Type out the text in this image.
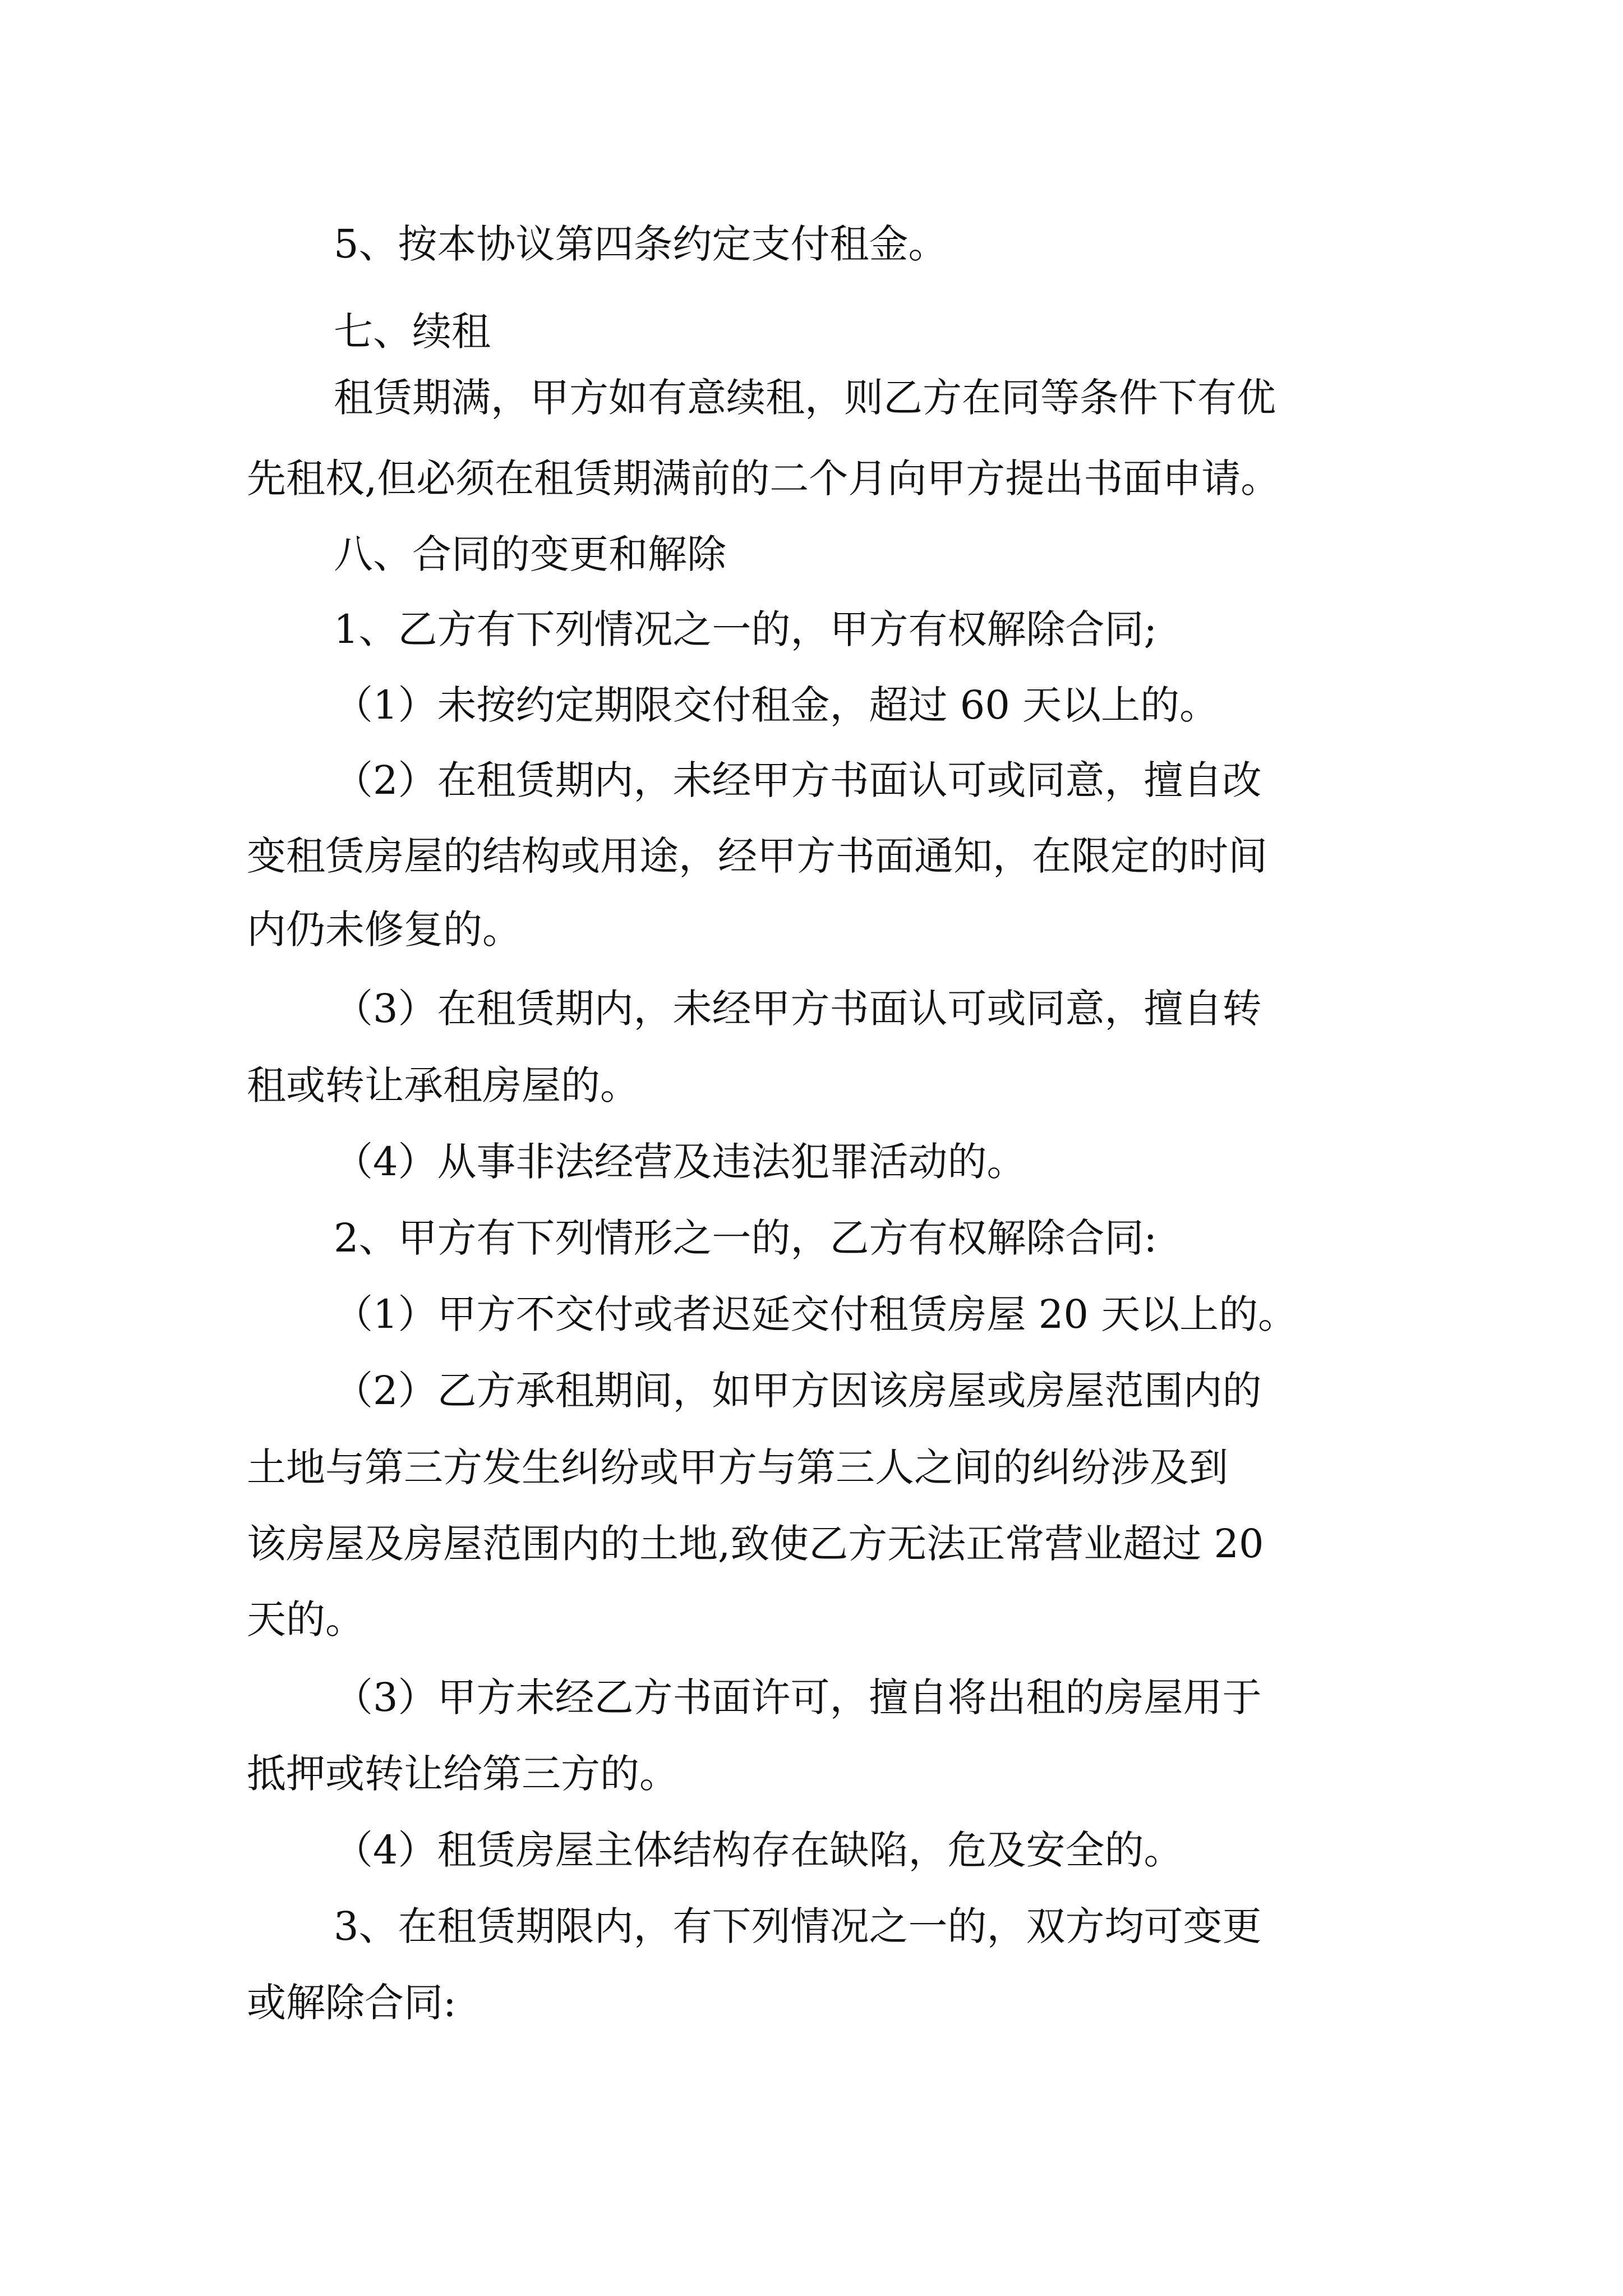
5、按本协议第四条约定支付租金。
七、续租
租赁期满，甲方如有意续租，则乙方在同等条件下有优
先租权,但必须在租赁期满前的二个月向甲方提出书面申请。
八、合同的变更和解除
1、乙方有下列情况之一的，甲方有权解除合同;
（1）未按约定期限交付租金，超过 60 天以上的。
（2）在租赁期内，未经甲方书面认可或同意，擅自改
变租赁房屋的结构或用途，经甲方书面通知，在限定的时间
内仍未修复的。
（3）在租赁期内，未经甲方书面认可或同意，擅自转
租或转让承租房屋的。
（4）从事非法经营及违法犯罪活动的。
2、甲方有下列情形之一的，乙方有权解除合同:
（1）甲方不交付或者迟延交付租赁房屋 20 天以上的。
（2）乙方承租期间，如甲方因该房屋或房屋范围内的
土地与第三方发生纠纷或甲方与第三人之间的纠纷涉及到
该房屋及房屋范围内的土地,致使乙方无法正常营业超过 20
天的。
（3）甲方未经乙方书面许可，擅自将出租的房屋用于
抵押或转让给第三方的。
（4）租赁房屋主体结构存在缺陷，危及安全的。
3、在租赁期限内，有下列情况之一的，双方均可变更
或解除合同:
